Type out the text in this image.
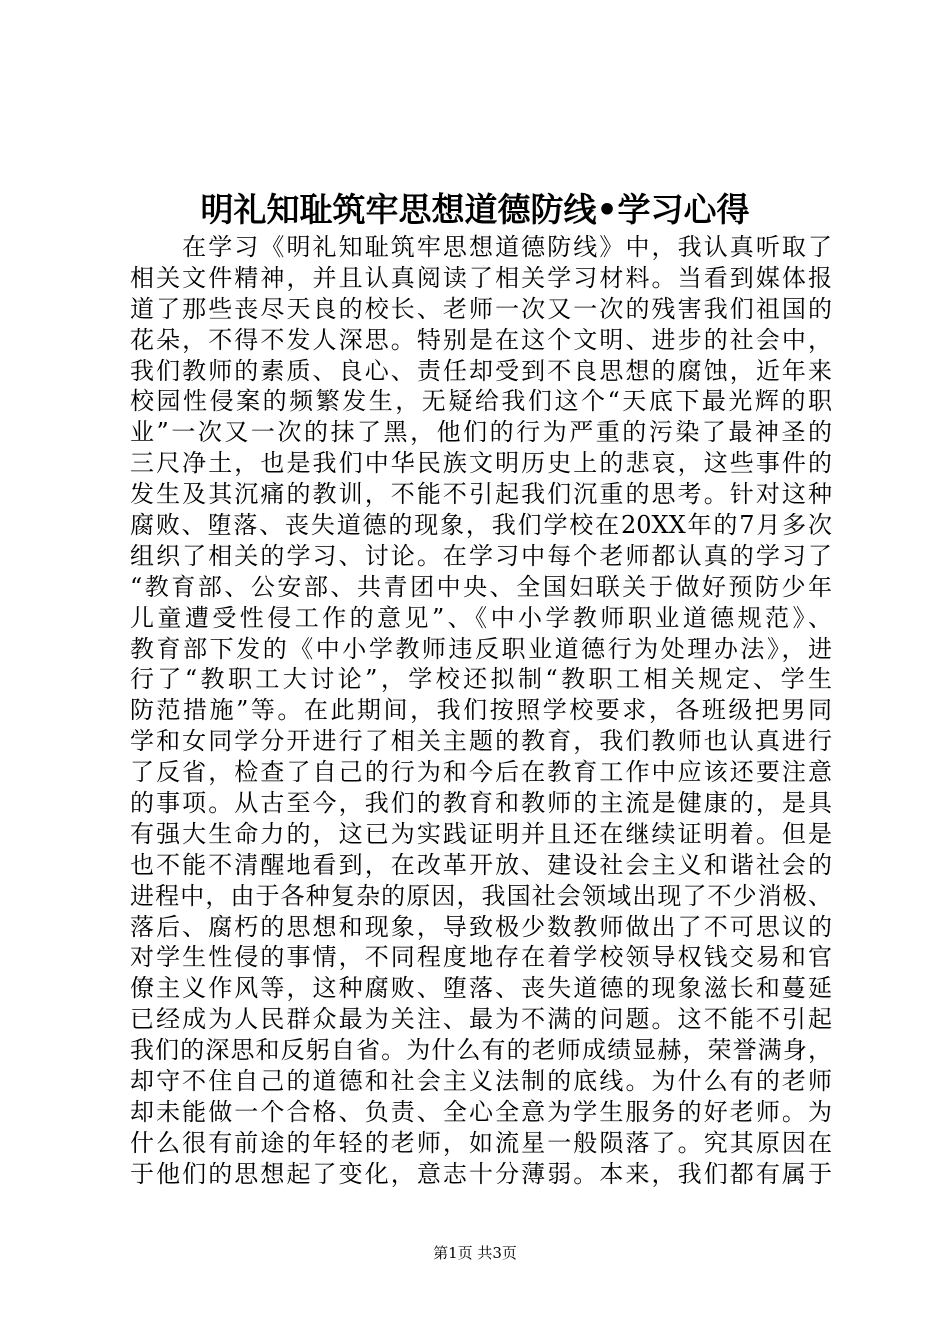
明礼知耻筑牢思想道德防线•学习心得
　　在学习《明礼知耻筑牢思想道德防线》中，我认真听取了
相关文件精神，并且认真阅读了相关学习材料。当看到媒体报
道了那些丧尽天良的校长、老师一次又一次的残害我们祖国的
花朵，不得不发人深思。特别是在这个文明、进步的社会中，
我们教师的素质、良心、责任却受到不良思想的腐蚀，近年来
校园性侵案的频繁发生，无疑给我们这个“天底下最光辉的职
业”一次又一次的抹了黑，他们的行为严重的污染了最神圣的
三尺净土，也是我们中华民族文明历史上的悲哀，这些事件的
发生及其沉痛的教训，不能不引起我们沉重的思考。针对这种
腐败、堕落、丧失道德的现象，我们学校在20XX年的7月多次
组织了相关的学习、讨论。在学习中每个老师都认真的学习了
“教育部、公安部、共青团中央、全国妇联关于做好预防少年
儿童遭受性侵工作的意见”、《中小学教师职业道德规范》、
教育部下发的《中小学教师违反职业道德行为处理办法》，进
行了“教职工大讨论”，学校还拟制“教职工相关规定、学生
防范措施”等。在此期间，我们按照学校要求，各班级把男同
学和女同学分开进行了相关主题的教育，我们教师也认真进行
了反省，检查了自己的行为和今后在教育工作中应该还要注意
的事项。从古至今，我们的教育和教师的主流是健康的，是具
有强大生命力的，这已为实践证明并且还在继续证明着。但是
也不能不清醒地看到，在改革开放、建设社会主义和谐社会的
进程中，由于各种复杂的原因，我国社会领域出现了不少消极、
落后、腐朽的思想和现象，导致极少数教师做出了不可思议的
对学生性侵的事情，不同程度地存在着学校领导权钱交易和官
僚主义作风等，这种腐败、堕落、丧失道德的现象滋长和蔓延
已经成为人民群众最为关注、最为不满的问题。这不能不引起
我们的深思和反躬自省。为什么有的老师成绩显赫，荣誉满身，
却守不住自己的道德和社会主义法制的底线。为什么有的老师
却未能做一个合格、负责、全心全意为学生服务的好老师。为
什么很有前途的年轻的老师，如流星一般陨落了。究其原因在
于他们的思想起了变化，意志十分薄弱。本来，我们都有属于
第1页 共3页
